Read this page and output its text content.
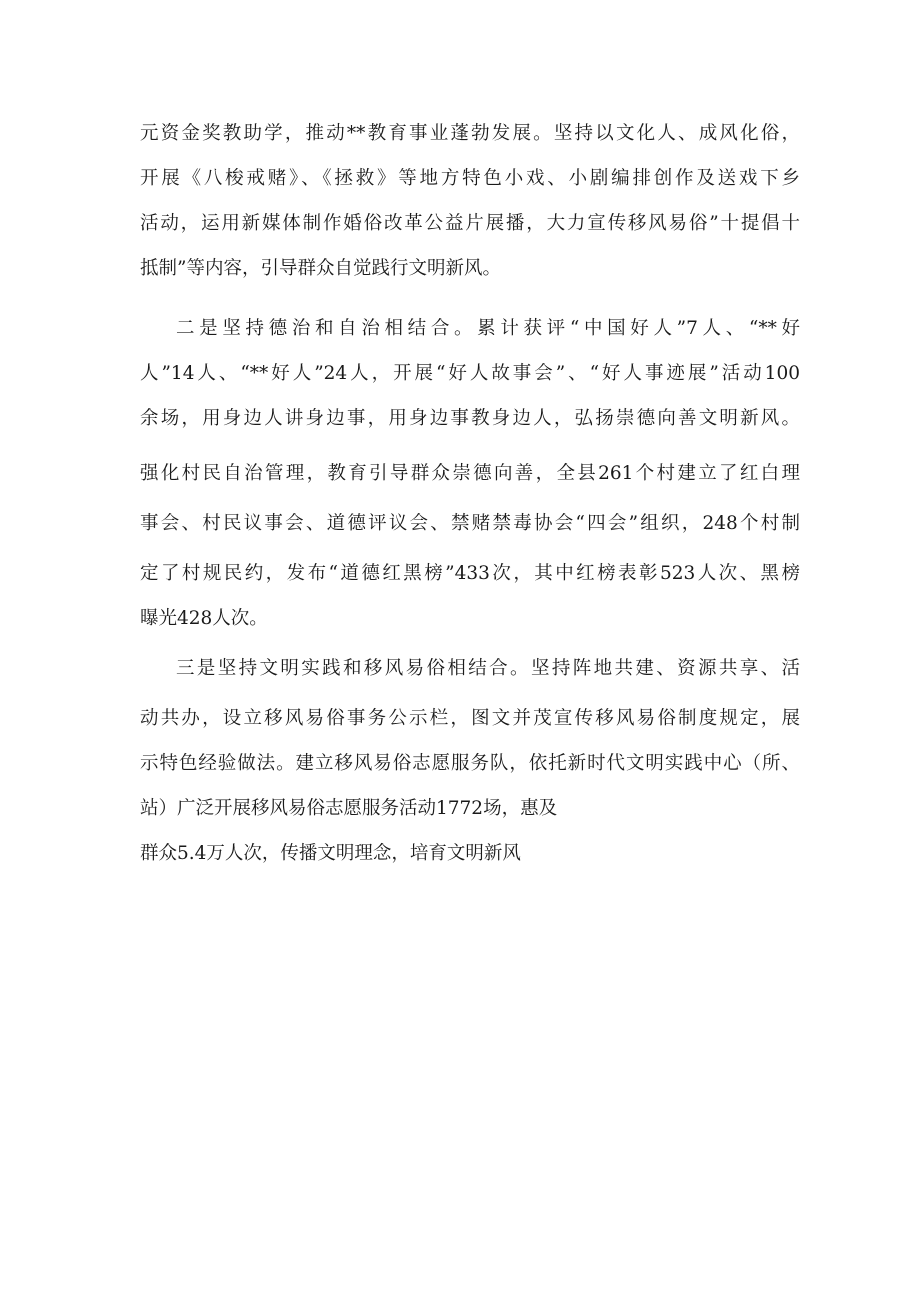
元资金奖教助学，推动**教育事业蓬勃发展。坚持以文化人、成风化俗，
开展《八梭戒赌》、《拯救》等地方特色小戏、小剧编排创作及送戏下乡
活动，运用新媒体制作婚俗改革公益片展播，大力宣传移风易俗”十提倡十
抵制”等内容，引导群众自觉践行文明新风。
二是坚持德治和自治相结合。累计获评“中国好人”7人、“**好
人”14人、“**好人”24人，开展“好人故事会”、“好人事迹展”活动100
余场，用身边人讲身边事，用身边事教身边人，弘扬崇德向善文明新风。
强化村民自治管理，教育引导群众崇德向善，全县261个村建立了红白理
事会、村民议事会、道德评议会、禁赌禁毒协会“四会”组织，248个村制
定了村规民约，发布“道德红黑榜”433次，其中红榜表彰523人次、黑榜
曝光428人次。
三是坚持文明实践和移风易俗相结合。坚持阵地共建、资源共享、活
动共办，设立移风易俗事务公示栏，图文并茂宣传移风易俗制度规定，展
示特色经验做法。建立移风易俗志愿服务队，依托新时代文明实践中心（所、
站）广泛开展移风易俗志愿服务活动1772场，惠及
群众5.4万人次，传播文明理念，培育文明新风
